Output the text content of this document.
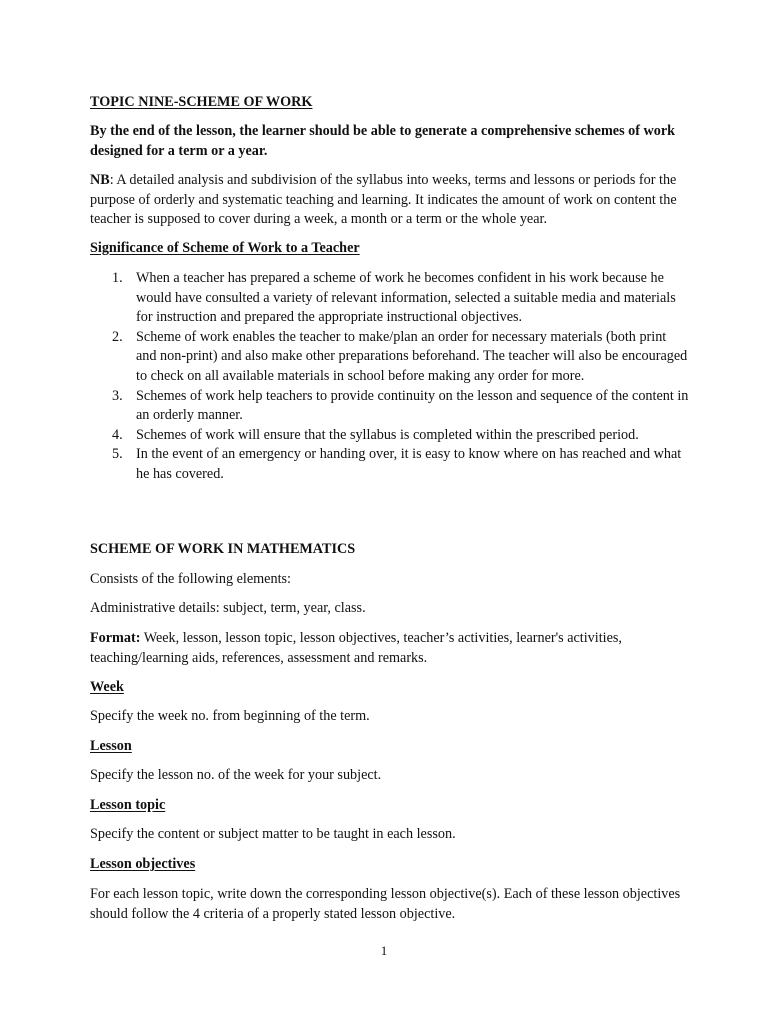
TOPIC NINE-SCHEME OF WORK

By the end of the lesson, the learner should be able to generate a comprehensive schemes of work designed for a term or a year.

NB: A detailed analysis and subdivision of the syllabus into weeks, terms and lessons or periods for the purpose of orderly and systematic teaching and learning. It indicates the amount of work on content the teacher is supposed to cover during a week, a month or a term or the whole year.

Significance of Scheme of Work to a Teacher

1. When a teacher has prepared a scheme of work he becomes confident in his work because he would have consulted a variety of relevant information, selected a suitable media and materials for instruction and prepared the appropriate instructional objectives.
2. Scheme of work enables the teacher to make/plan an order for necessary materials (both print and non-print) and also make other preparations beforehand. The teacher will also be encouraged to check on all available materials in school before making any order for more.
3. Schemes of work help teachers to provide continuity on the lesson and sequence of the content in an orderly manner.
4. Schemes of work will ensure that the syllabus is completed within the prescribed period.
5. In the event of an emergency or handing over, it is easy to know where on has reached and what he has covered.

SCHEME OF WORK IN MATHEMATICS

Consists of the following elements:

Administrative details: subject, term, year, class.

Format: Week, lesson, lesson topic, lesson objectives, teacher’s activities, learner's activities, teaching/learning aids, references, assessment and remarks.

Week

Specify the week no. from beginning of the term.

Lesson

Specify the lesson no. of the week for your subject.

Lesson topic

Specify the content or subject matter to be taught in each lesson.

Lesson objectives

For each lesson topic, write down the corresponding lesson objective(s). Each of these lesson objectives should follow the 4 criteria of a properly stated lesson objective.

1
